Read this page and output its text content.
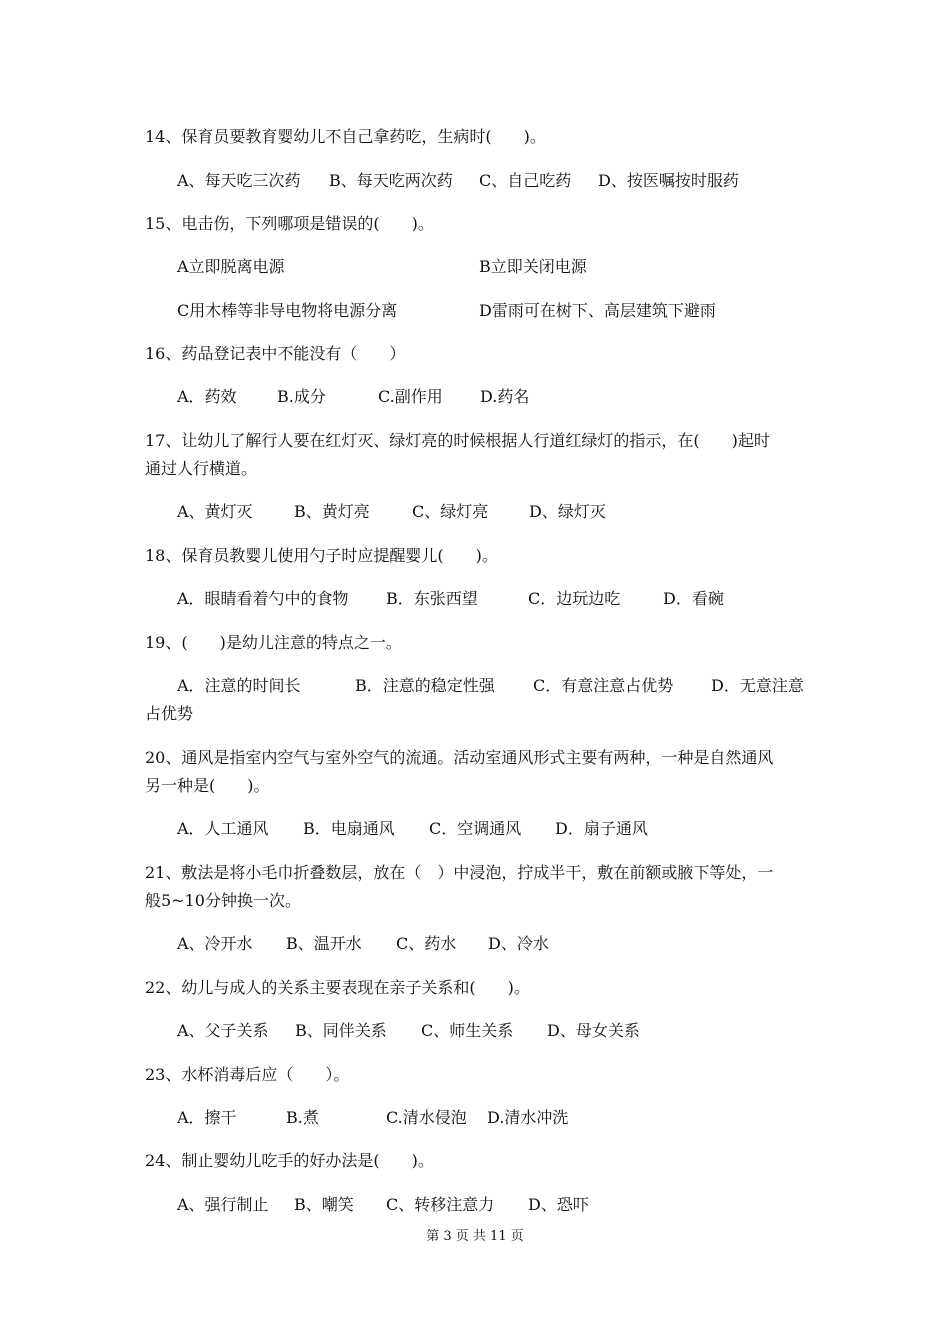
14、保育员要教育婴幼儿不自己拿药吃，生病时(　　)。
A、每天吃三次药 B、每天吃两次药 C、自己吃药 D、按医嘱按时服药
15、电击伤，下列哪项是错误的(　　)。
A立即脱离电源	B立即关闭电源
C用木棒等非导电物将电源分离	D雷雨可在树下、高层建筑下避雨
16、药品登记表中不能没有（　　）
A．药效	B.成分	C.副作用 D.药名
17、让幼儿了解行人要在红灯灭、绿灯亮的时候根据人行道红绿灯的指示，在(　　)起时
通过人行横道。
A、黄灯灭	B、黄灯亮	C、绿灯亮	D、绿灯灭
18、保育员教婴儿使用勺子时应提醒婴儿(　　)。
A．眼睛看着勺中的食物 B．东张西望	C．边玩边吃	D．看碗
19、(　　)是幼儿注意的特点之一。
A．注意的时间长	B．注意的稳定性强 C．有意注意占优势 D．无意注意
占优势
20、通风是指室内空气与室外空气的流通。活动室通风形式主要有两种，一种是自然通风
另一种是(　　)。
A．人工通风 B．电扇通风 C．空调通风 D．扇子通风
21、敷法是将小毛巾折叠数层，放在（　）中浸泡，拧成半干，敷在前额或腋下等处，一
般5~10分钟换一次。
A、冷开水 B、温开水 C、药水 D、冷水
22、幼儿与成人的关系主要表现在亲子关系和(　　)。
A、父子关系 B、同伴关系 C、师生关系 D、母女关系
23、水杯消毒后应（　　）。
A．擦干	B.煮	C.清水侵泡 D.清水冲洗
24、制止婴幼儿吃手的好办法是(　　)。
A、强行制止 B、嘲笑 C、转移注意力 D、恐吓
第 3 页 共 11 页
